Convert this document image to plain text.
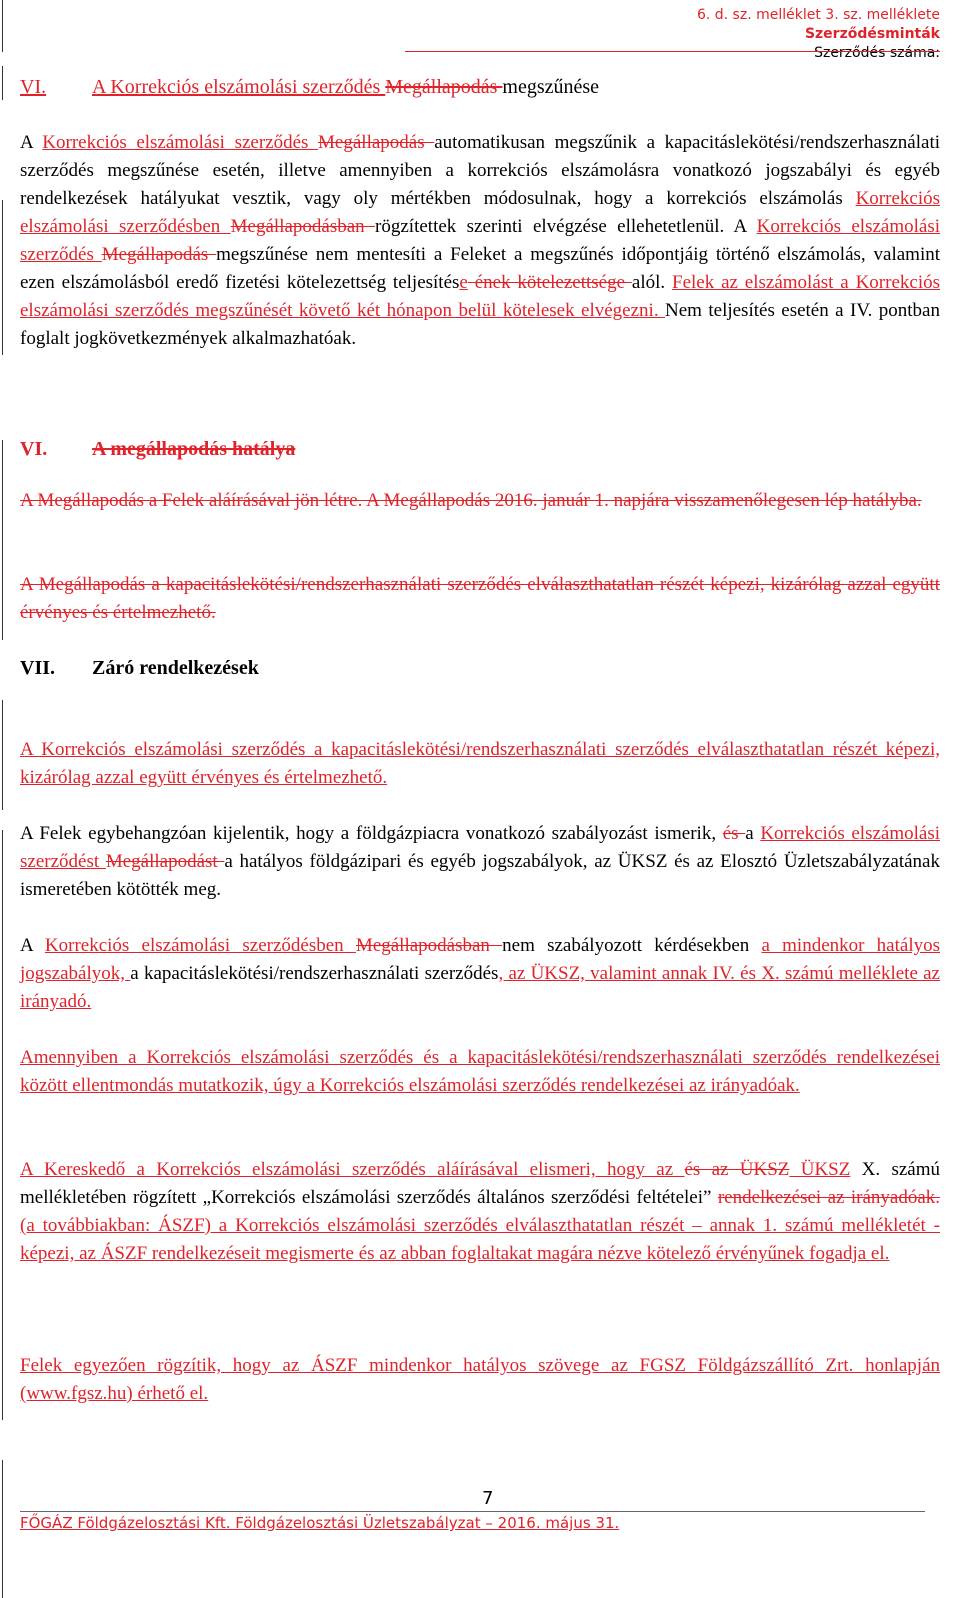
6. d. sz. melléklet 3. sz. melléklete
Szerződésminták
Szerződés száma:
VI. A Korrekciós elszámolási szerződés Megállapodás megszűnése
A Korrekciós elszámolási szerződés Megállapodás automatikusan megszűnik a kapacitáslekötési/rendszerhasználati szerződés megszűnése esetén, illetve amennyiben a korrekciós elszámolásra vonatkozó jogszabályi és egyéb rendelkezések hatályukat vesztik, vagy oly mértékben módosulnak, hogy a korrekciós elszámolás Korrekciós elszámolási szerződésben Megállapodásban rögzítettek szerinti elvégzése ellehetetlenül. A Korrekciós elszámolási szerződés Megállapodás megszűnése nem mentesíti a Feleket a megszűnés időpontjáig történő elszámolás, valamint ezen elszámolásból eredő fizetési kötelezettség teljesítése ének kötelezettsége alól. Felek az elszámolást a Korrekciós elszámolási szerződés megszűnését követő két hónapon belül kötelesek elvégezni. Nem teljesítés esetén a IV. pontban foglalt jogkövetkezmények alkalmazhatóak.
VI. A megállapodás hatálya
A Megállapodás a Felek aláírásával jön létre. A Megállapodás 2016. január 1. napjára visszamenőlegesen lép hatályba.
A Megállapodás a kapacitáslekötési/rendszerhasználati szerződés elválaszthatatlan részét képezi, kizárólag azzal együtt érvényes és értelmezhető.
VII. Záró rendelkezések
A Korrekciós elszámolási szerződés a kapacitáslekötési/rendszerhasználati szerződés elválaszthatatlan részét képezi, kizárólag azzal együtt érvényes és értelmezhető.
A Felek egybehangzóan kijelentik, hogy a földgázpiacra vonatkozó szabályozást ismerik, és a Korrekciós elszámolási szerződést Megállapodást a hatályos földgázipari és egyéb jogszabályok, az ÜKSZ és az Elosztó Üzletszabályzatának ismeretében kötötték meg.
A Korrekciós elszámolási szerződésben Megállapodásban nem szabályozott kérdésekben a mindenkor hatályos jogszabályok, a kapacitáslekötési/rendszerhasználati szerződés, az ÜKSZ, valamint annak IV. és X. számú melléklete az irányadó.
Amennyiben a Korrekciós elszámolási szerződés és a kapacitáslekötési/rendszerhasználati szerződés rendelkezései között ellentmondás mutatkozik, úgy a Korrekciós elszámolási szerződés rendelkezései az irányadóak.
A Kereskedő a Korrekciós elszámolási szerződés aláírásával elismeri, hogy az és az ÜKSZ ÜKSZ X. számú mellékletében rögzített „Korrekciós elszámolási szerződés általános szerződési feltételei” rendelkezései az irányadóak. (a továbbiakban: ÁSZF) a Korrekciós elszámolási szerződés elválaszthatatlan részét – annak 1. számú mellékletét - képezi, az ÁSZF rendelkezéseit megismerte és az abban foglaltakat magára nézve kötelező érvényűnek fogadja el.
Felek egyezően rögzítik, hogy az ÁSZF mindenkor hatályos szövege az FGSZ Földgázszállító Zrt. honlapján (www.fgsz.hu) érhető el.
7
FŐGÁZ Földgázelosztási Kft. Földgázelosztási Üzletszabályzat – 2016. május 31.
